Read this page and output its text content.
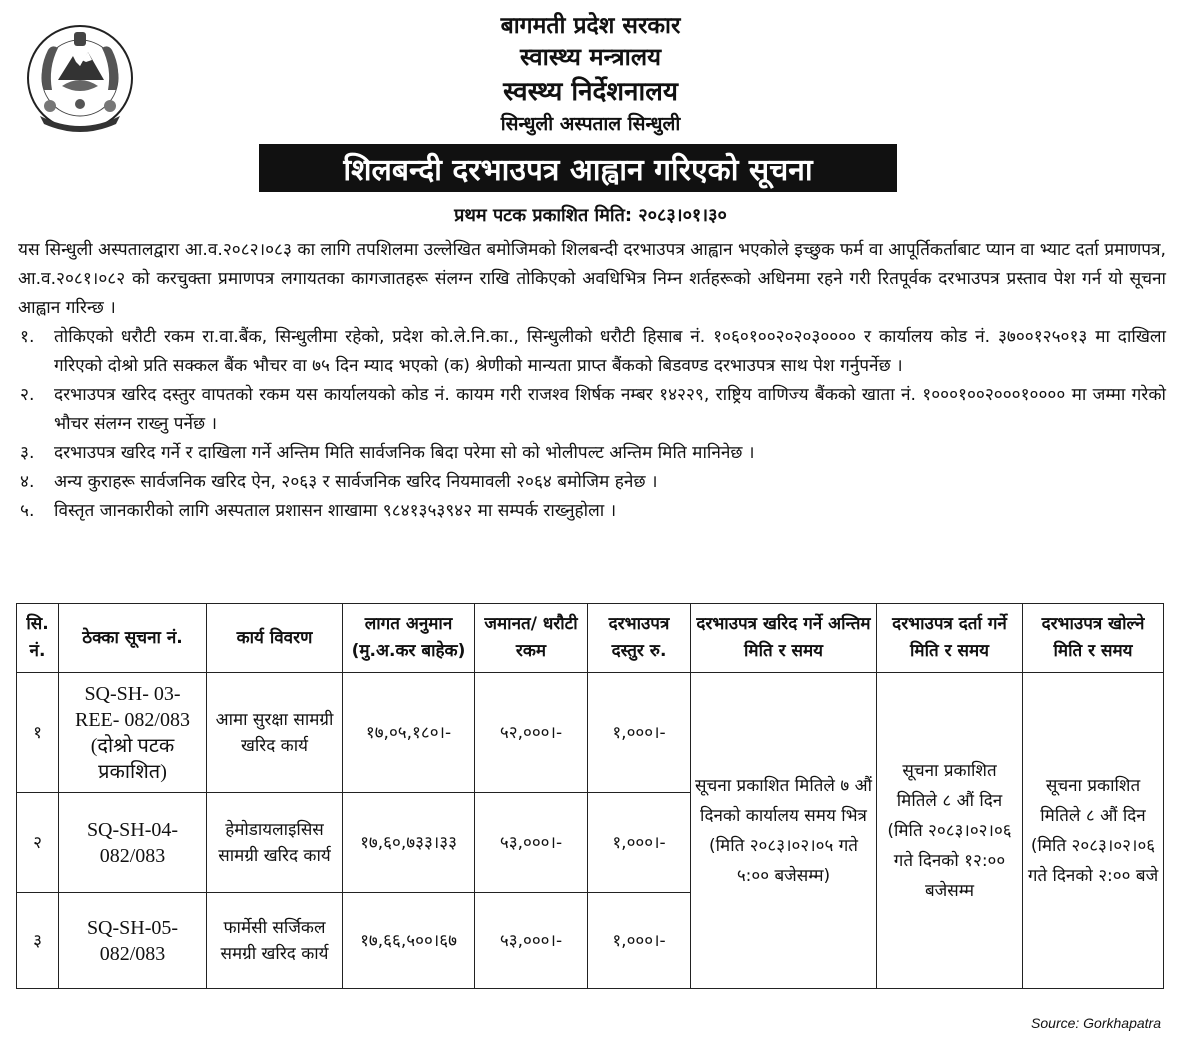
बागमती प्रदेश सरकार
स्वास्थ्य मन्त्रालय
स्वस्थ्य निर्देशनालय
सिन्धुली अस्पताल सिन्धुली
शिलबन्दी दरभाउपत्र आह्वान गरिएको सूचना
प्रथम पटक प्रकाशित मिति: २०८३।०१।३०

यस सिन्धुली अस्पतालद्वारा आ.व.२०८२।०८३ का लागि तपशिलमा उल्लेखित बमोजिमको शिलबन्दी दरभाउपत्र आह्वान भएकोले इच्छुक फर्म वा आपूर्तिकर्ताबाट प्यान वा भ्याट दर्ता प्रमाणपत्र, आ.व.२०८१।०८२ को करचुक्ता प्रमाणपत्र लगायतका कागजातहरू संलग्न राखि तोकिएको अवधिभित्र निम्न शर्तहरूको अधिनमा रहने गरी रितपूर्वक दरभाउपत्र प्रस्ताव पेश गर्न यो सूचना आह्वान गरिन्छ ।

१.	तोकिएको धरौटी रकम रा.वा.बैंक, सिन्धुलीमा रहेको, प्रदेश को.ले.नि.का., सिन्धुलीको धरौटी हिसाब नं. १०६०१००२०२०३०००० र कार्यालय कोड नं. ३७००१२५०१३ मा दाखिला गरिएको दोश्रो प्रति सक्कल बैंक भौचर वा ७५ दिन म्याद भएको (क) श्रेणीको मान्यता प्राप्त बैंकको बिडवण्ड दरभाउपत्र साथ पेश गर्नुपर्नेछ ।
२.	दरभाउपत्र खरिद दस्तुर वापतको रकम यस कार्यालयको कोड नं. कायम गरी राजश्व शिर्षक नम्बर १४२२९, राष्ट्रिय वाणिज्य बैंकको खाता नं. १०००१००२०००१०००० मा जम्मा गरेको भौचर संलग्न राख्नु पर्नेछ ।
३.	दरभाउपत्र खरिद गर्ने र दाखिला गर्ने अन्तिम मिति सार्वजनिक बिदा परेमा सो को भोलीपल्ट अन्तिम मिति मानिनेछ ।
४.	अन्य कुराहरू सार्वजनिक खरिद ऐन, २०६३ र सार्वजनिक खरिद नियमावली २०६४ बमोजिम हनेछ ।
५.	विस्तृत जानकारीको लागि अस्पताल प्रशासन शाखामा ९८४१३५३९४२ मा सम्पर्क राख्नुहोला ।
सि. नं.	ठेक्का सूचना नं.	कार्य विवरण	लागत अनुमान (मु.अ.कर बाहेक)	जमानत/ धरौटी रकम	दरभाउपत्र दस्तुर रु.	दरभाउपत्र खरिद गर्ने अन्तिम मिति र समय	दरभाउपत्र दर्ता गर्ने मिति र समय	दरभाउपत्र खोल्ने मिति र समय
१	SQ-SH- 03-REE- 082/083 (दोश्रो पटक प्रकाशित)	आमा सुरक्षा सामग्री खरिद कार्य	१७,०५,१८०।-	५२,०००।-	१,०००।-	सूचना प्रकाशित मितिले ७ औं दिनको कार्यालय समय भित्र (मिति २०८३।०२।०५ गते ५:०० बजेसम्म)	सूचना प्रकाशित मितिले ८ औं दिन (मिति २०८३।०२।०६ गते दिनको १२:०० बजेसम्म	सूचना प्रकाशित मितिले ८ औं दिन (मिति २०८३।०२।०६ गते दिनको २:०० बजे
२	SQ-SH-04-082/083	हेमोडायलाइसिस सामग्री खरिद कार्य	१७,६०,७३३।३३	५३,०००।-	१,०००।-			
३	SQ-SH-05-082/083	फार्मेसी सर्जिकल समग्री खरिद कार्य	१७,६६,५००।६७	५३,०००।-	१,०००।-			
Source: Gorkhapatra
